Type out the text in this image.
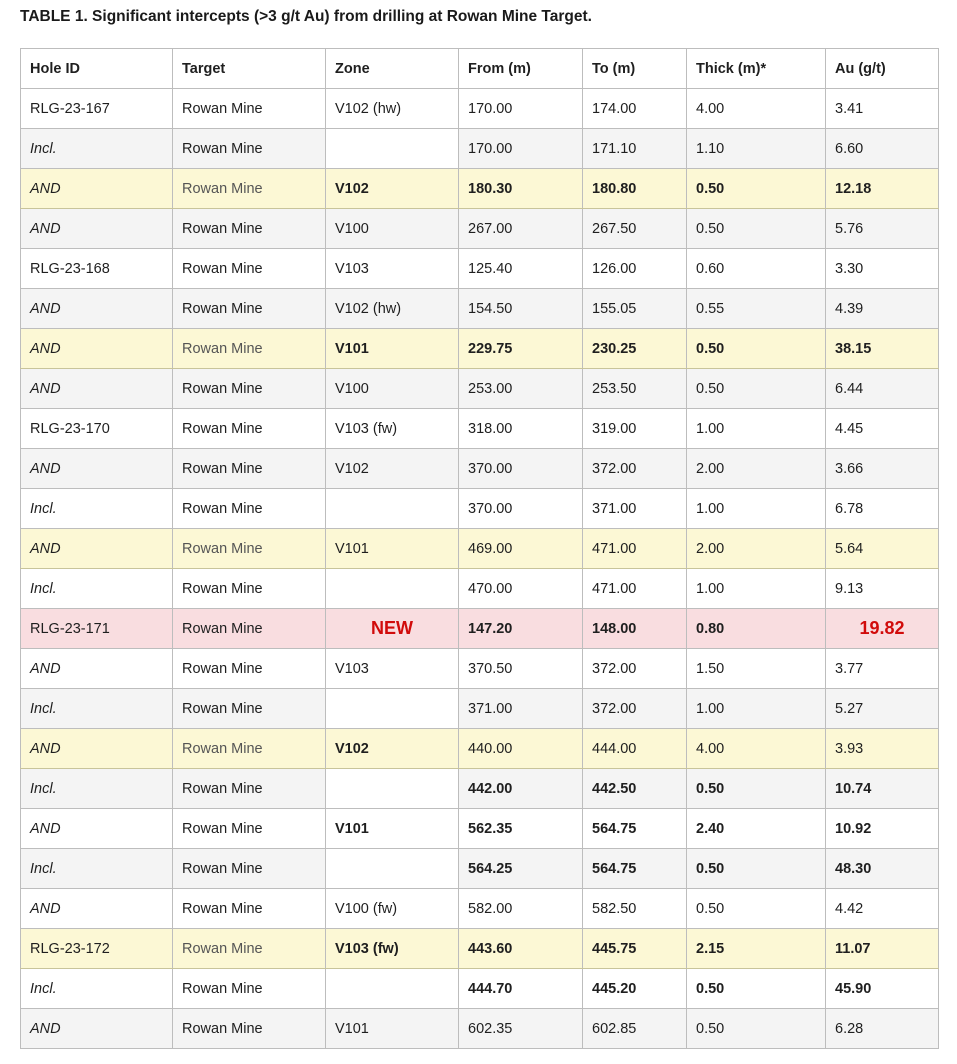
TABLE 1. Significant intercepts (>3 g/t Au) from drilling at Rowan Mine Target.
Hole ID	Target	Zone	From (m)	To (m)	Thick (m)*	Au (g/t)
RLG-23-167	Rowan Mine	V102 (hw)	170.00	174.00	4.00	3.41
Incl.	Rowan Mine		170.00	171.10	1.10	6.60
AND	Rowan Mine	V102	180.30	180.80	0.50	12.18
AND	Rowan Mine	V100	267.00	267.50	0.50	5.76
RLG-23-168	Rowan Mine	V103	125.40	126.00	0.60	3.30
AND	Rowan Mine	V102 (hw)	154.50	155.05	0.55	4.39
AND	Rowan Mine	V101	229.75	230.25	0.50	38.15
AND	Rowan Mine	V100	253.00	253.50	0.50	6.44
RLG-23-170	Rowan Mine	V103 (fw)	318.00	319.00	1.00	4.45
AND	Rowan Mine	V102	370.00	372.00	2.00	3.66
Incl.	Rowan Mine		370.00	371.00	1.00	6.78
AND	Rowan Mine	V101	469.00	471.00	2.00	5.64
Incl.	Rowan Mine		470.00	471.00	1.00	9.13
RLG-23-171	Rowan Mine	NEW	147.20	148.00	0.80	19.82
AND	Rowan Mine	V103	370.50	372.00	1.50	3.77
Incl.	Rowan Mine		371.00	372.00	1.00	5.27
AND	Rowan Mine	V102	440.00	444.00	4.00	3.93
Incl.	Rowan Mine		442.00	442.50	0.50	10.74
AND	Rowan Mine	V101	562.35	564.75	2.40	10.92
Incl.	Rowan Mine		564.25	564.75	0.50	48.30
AND	Rowan Mine	V100 (fw)	582.00	582.50	0.50	4.42
RLG-23-172	Rowan Mine	V103 (fw)	443.60	445.75	2.15	11.07
Incl.	Rowan Mine		444.70	445.20	0.50	45.90
AND	Rowan Mine	V101	602.35	602.85	0.50	6.28
